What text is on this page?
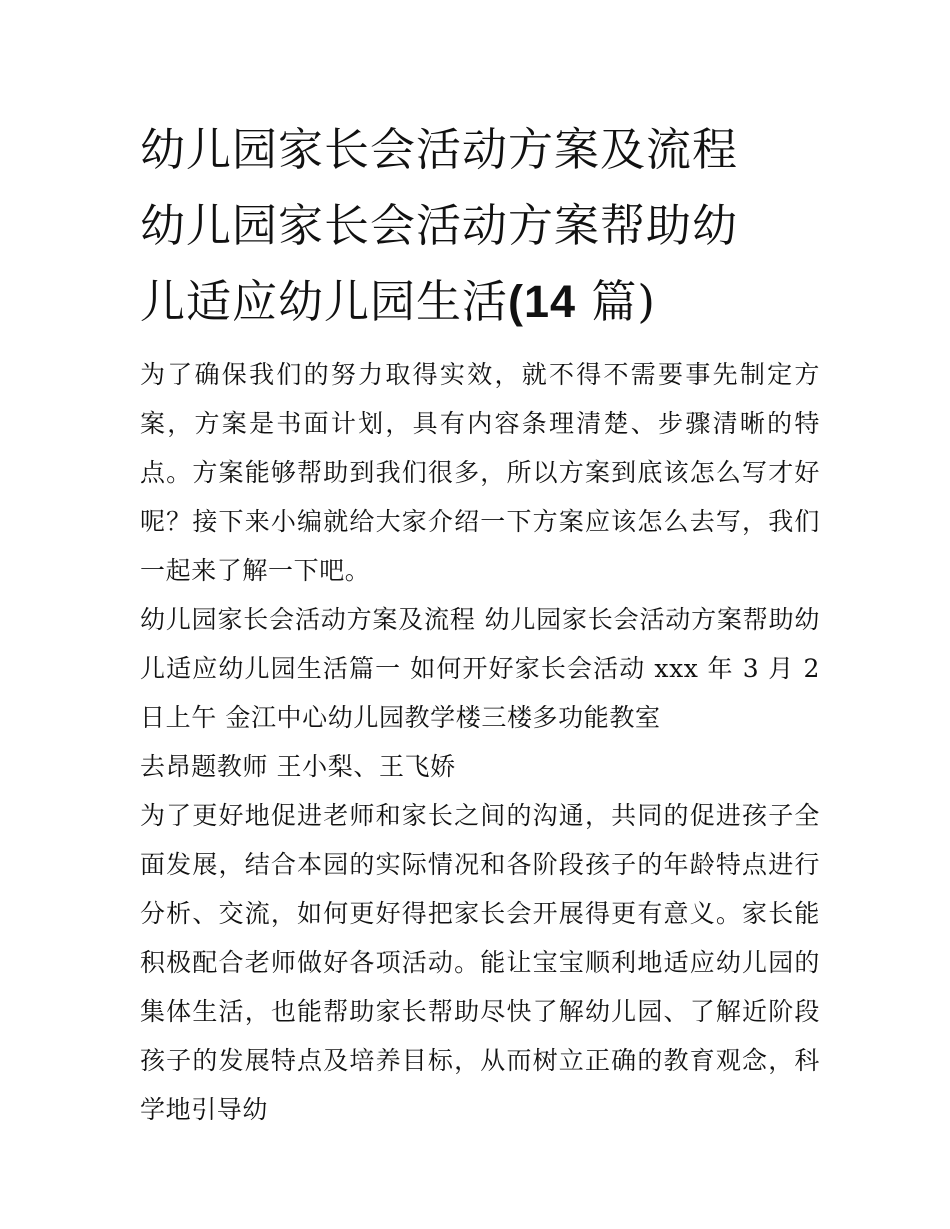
幼儿园家长会活动方案及流程
幼儿园家长会活动方案帮助幼
儿适应幼儿园生活(14 篇)

为了确保我们的努力取得实效，就不得不需要事先制定方案，方案是书面计划，具有内容条理清楚、步骤清晰的特点。方案能够帮助到我们很多，所以方案到底该怎么写才好呢？接下来小编就给大家介绍一下方案应该怎么去写，我们一起来了解一下吧。

幼儿园家长会活动方案及流程 幼儿园家长会活动方案帮助幼儿适应幼儿园生活篇一 如何开好家长会活动 xxx 年 3 月 2 日上午 金江中心幼儿园教学楼三楼多功能教室

去昂题教师 王小梨、王飞娇

为了更好地促进老师和家长之间的沟通，共同的促进孩子全面发展，结合本园的实际情况和各阶段孩子的年龄特点进行分析、交流，如何更好得把家长会开展得更有意义。家长能积极配合老师做好各项活动。能让宝宝顺利地适应幼儿园的集体生活，也能帮助家长帮助尽快了解幼儿园、了解近阶段孩子的发展特点及培养目标，从而树立正确的教育观念，科学地引导幼
